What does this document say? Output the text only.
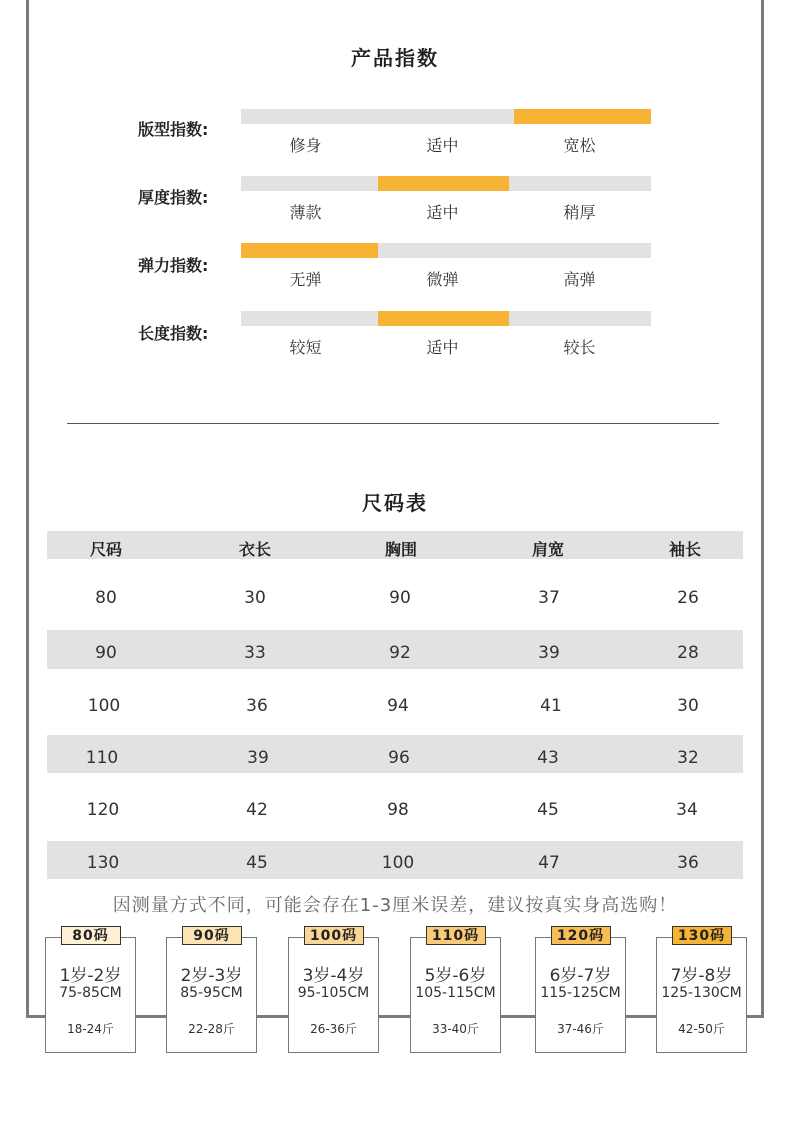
产品指数
版型指数:
修身	适中	宽松
厚度指数:
薄款	适中	稍厚
弹力指数:
无弹	微弹	高弹
长度指数:
较短	适中	较长
尺码表
尺码	衣长	胸围	肩宽	袖长
80	30	90	37	26
90	33	92	39	28
100	36	94	41	30
110	39	96	43	32
120	42	98	45	34
130	45	100	47	36
因测量方式不同，可能会存在1-3厘米误差，建议按真实身高选购！
80码
1岁-2岁
75-85CM
18-24斤
90码
2岁-3岁
85-95CM
22-28斤
100码
3岁-4岁
95-105CM
26-36斤
110码
5岁-6岁
105-115CM
33-40斤
120码
6岁-7岁
115-125CM
37-46斤
130码
7岁-8岁
125-130CM
42-50斤
